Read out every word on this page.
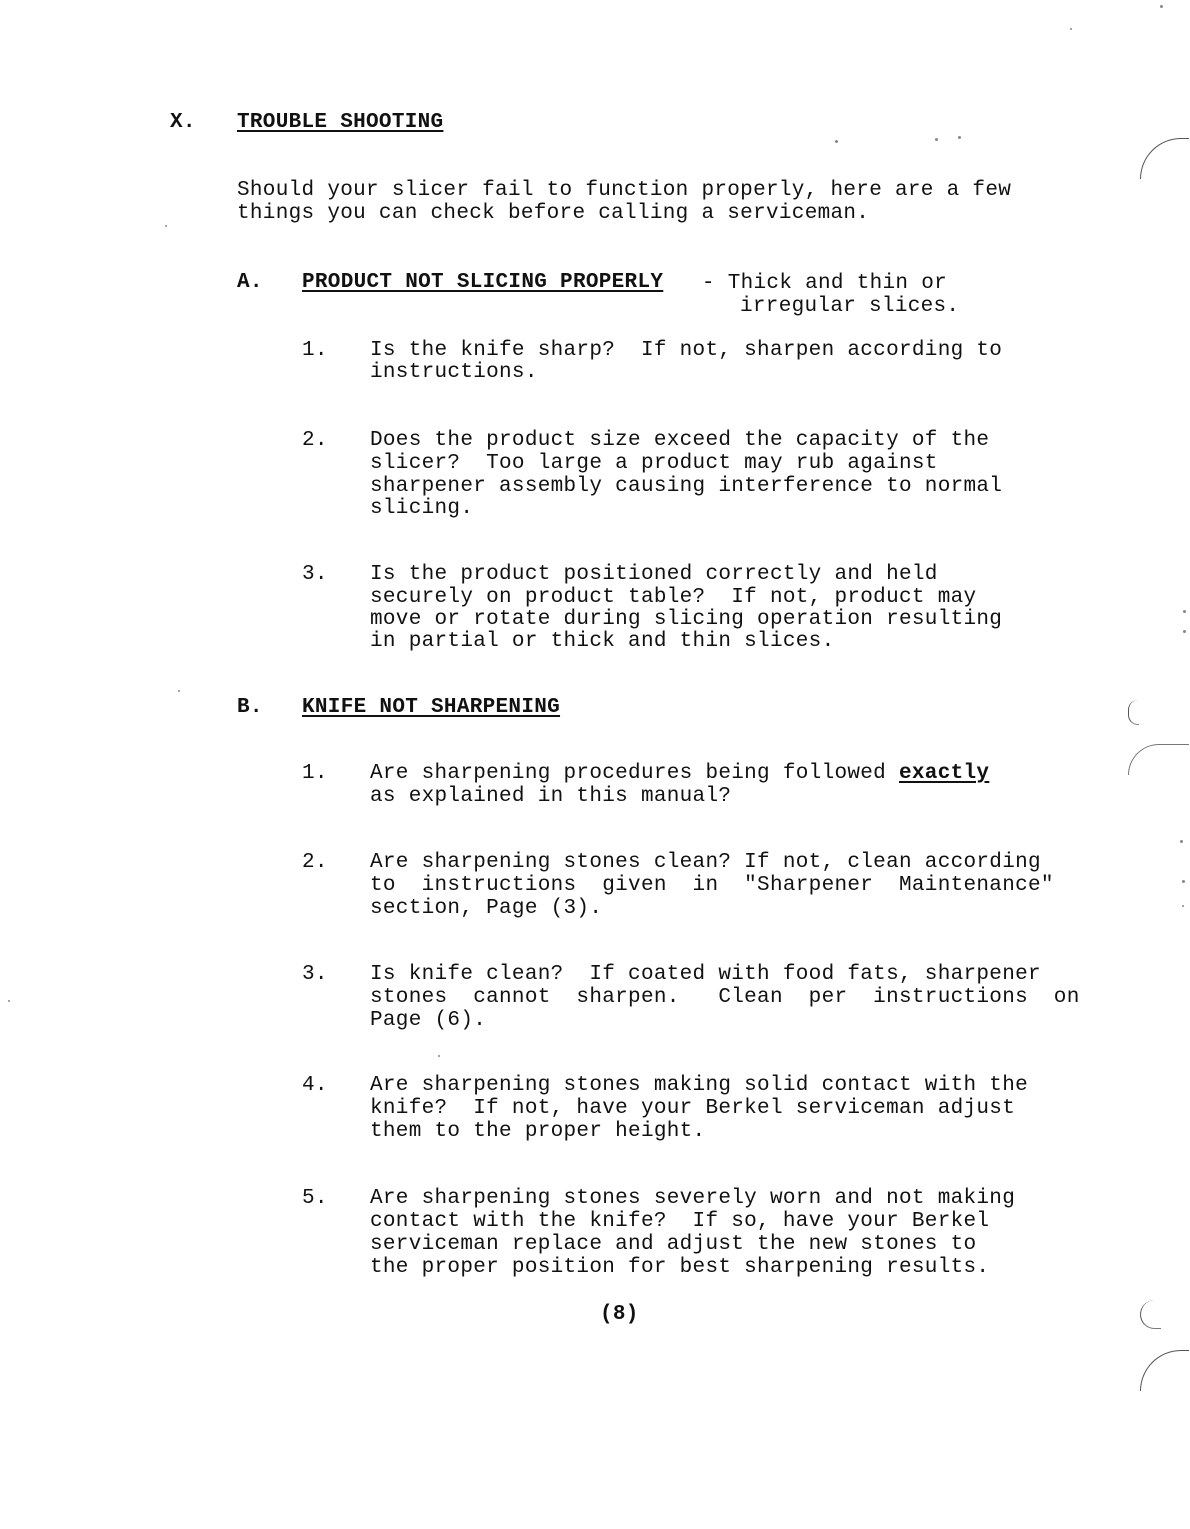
X. TROUBLE SHOOTING
Should your slicer fail to function properly, here are a few
things you can check before calling a serviceman.
A. PRODUCT NOT SLICING PROPERLY - Thick and thin or
irregular slices.
1. Is the knife sharp?  If not, sharpen according to
instructions.
2. Does the product size exceed the capacity of the
slicer?  Too large a product may rub against
sharpener assembly causing interference to normal
slicing.
3. Is the product positioned correctly and held
securely on product table?  If not, product may
move or rotate during slicing operation resulting
in partial or thick and thin slices.
B. KNIFE NOT SHARPENING
1. Are sharpening procedures being followed exactly
as explained in this manual?
2. Are sharpening stones clean? If not, clean according
to  instructions  given  in  "Sharpener  Maintenance"
section, Page (3).
3. Is knife clean?  If coated with food fats, sharpener
stones  cannot  sharpen.   Clean  per  instructions  on
Page (6).
4. Are sharpening stones making solid contact with the
knife?  If not, have your Berkel serviceman adjust
them to the proper height.
5. Are sharpening stones severely worn and not making
contact with the knife?  If so, have your Berkel
serviceman replace and adjust the new stones to
the proper position for best sharpening results.
(8)
